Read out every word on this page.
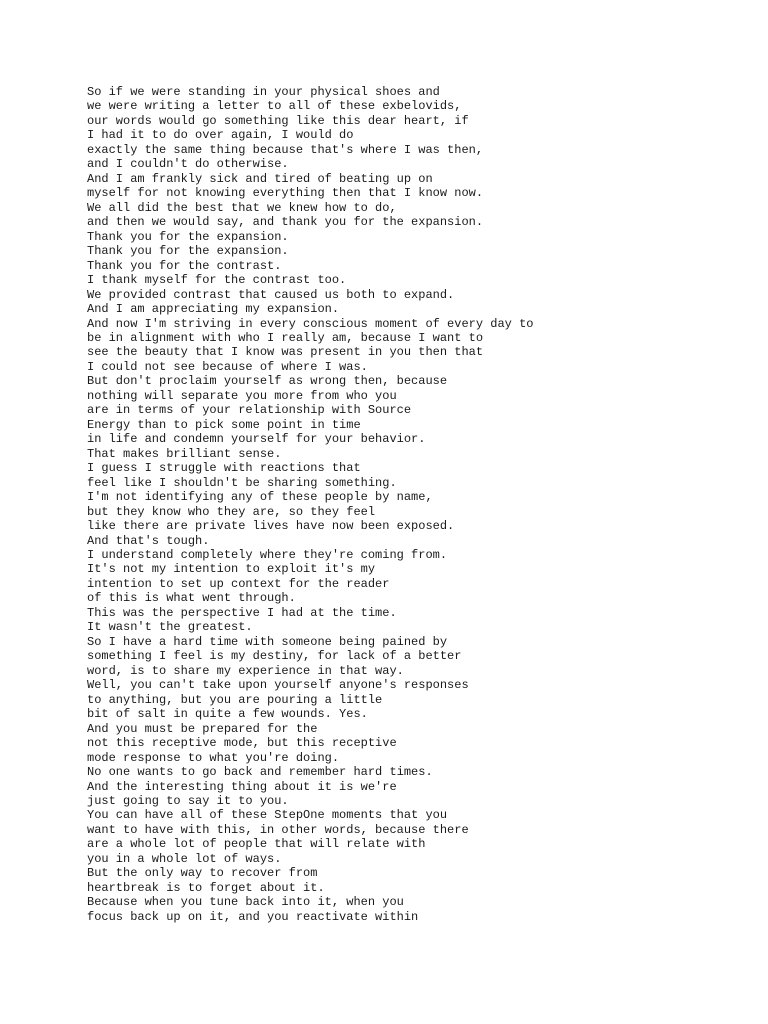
So if we were standing in your physical shoes and
we were writing a letter to all of these exbelovids,
our words would go something like this dear heart, if
I had it to do over again, I would do
exactly the same thing because that's where I was then,
and I couldn't do otherwise.
And I am frankly sick and tired of beating up on
myself for not knowing everything then that I know now.
We all did the best that we knew how to do,
and then we would say, and thank you for the expansion.
Thank you for the expansion.
Thank you for the expansion.
Thank you for the contrast.
I thank myself for the contrast too.
We provided contrast that caused us both to expand.
And I am appreciating my expansion.
And now I'm striving in every conscious moment of every day to
be in alignment with who I really am, because I want to
see the beauty that I know was present in you then that
I could not see because of where I was.
But don't proclaim yourself as wrong then, because
nothing will separate you more from who you
are in terms of your relationship with Source
Energy than to pick some point in time
in life and condemn yourself for your behavior.
That makes brilliant sense.
I guess I struggle with reactions that
feel like I shouldn't be sharing something.
I'm not identifying any of these people by name,
but they know who they are, so they feel
like there are private lives have now been exposed.
And that's tough.
I understand completely where they're coming from.
It's not my intention to exploit it's my
intention to set up context for the reader
of this is what went through.
This was the perspective I had at the time.
It wasn't the greatest.
So I have a hard time with someone being pained by
something I feel is my destiny, for lack of a better
word, is to share my experience in that way.
Well, you can't take upon yourself anyone's responses
to anything, but you are pouring a little
bit of salt in quite a few wounds. Yes.
And you must be prepared for the
not this receptive mode, but this receptive
mode response to what you're doing.
No one wants to go back and remember hard times.
And the interesting thing about it is we're
just going to say it to you.
You can have all of these StepOne moments that you
want to have with this, in other words, because there
are a whole lot of people that will relate with
you in a whole lot of ways.
But the only way to recover from
heartbreak is to forget about it.
Because when you tune back into it, when you
focus back up on it, and you reactivate within
